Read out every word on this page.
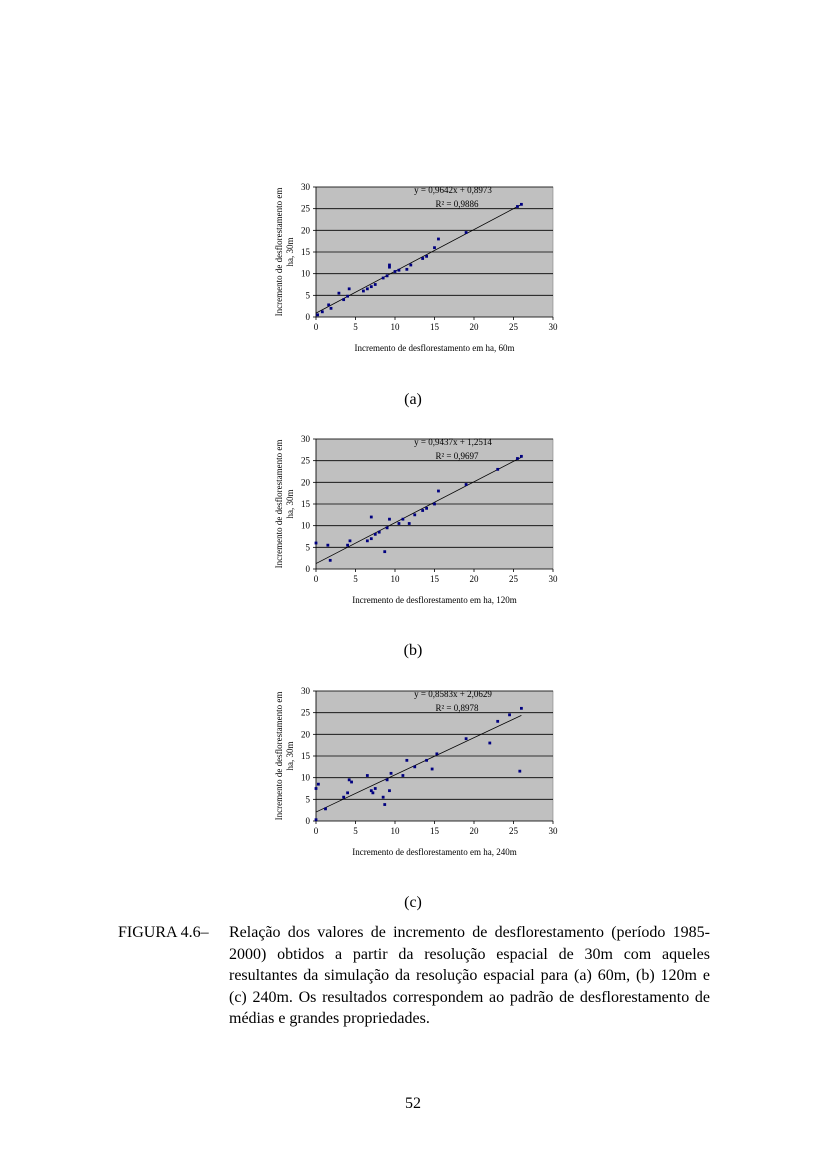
0
5
10
15
20
25
30
0	5	10	15	20	25	30
Incremento de desflorestamento em ha, 60m
Incremento de desflorestamento emha, 30m
y = 0,9642x + 0,8973
R² = 0,9886
(a)
0
5
10
15
20
25
30
0	5	10	15	20	25	30
Incremento de desflorestamento em ha, 120m
Incremento de desflorestamento emha, 30m
y = 0,9437x + 1,2514
R² = 0,9697
(b)
0
5
10
15
20
25
30
0	5	10	15	20	25	30
Incremento de desflorestamento em ha, 240m
Incremento de desflorestamento emha, 30m
y = 0,8583x + 2,0629
R² = 0,8978
(c)
FIGURA 4.6– Relação dos valores de incremento de desflorestamento (período 1985-2000) obtidos a partir da resolução espacial de 30m com aqueles resultantes da simulação da resolução espacial para (a) 60m, (b) 120m e (c) 240m. Os resultados correspondem ao padrão de desflorestamento de médias e grandes propriedades.
52
